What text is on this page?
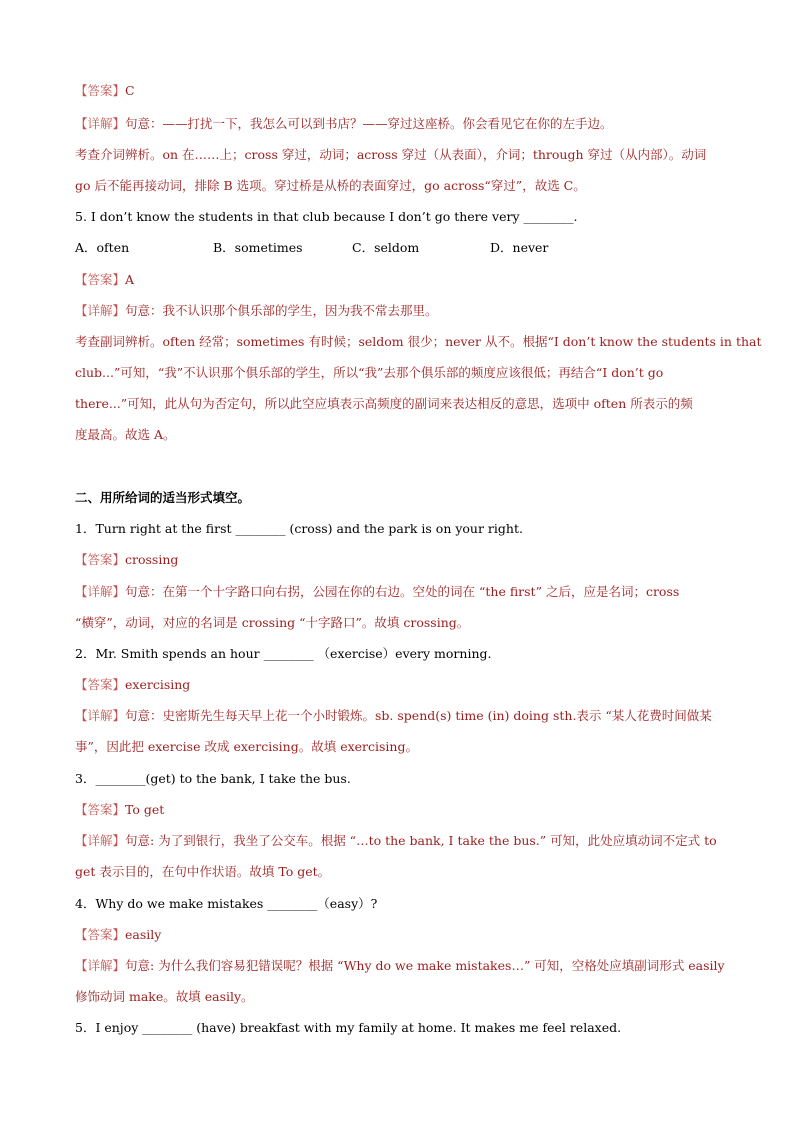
【答案】C
【详解】句意：——打扰一下，我怎么可以到书店？——穿过这座桥。你会看见它在你的左手边。
考查介词辨析。on 在……上；cross 穿过，动词；across 穿过（从表面），介词；through 穿过（从内部）。动词
go 后不能再接动词，排除 B 选项。穿过桥是从桥的表面穿过，go across“穿过”，故选 C。
5. I don’t know the students in that club because I don’t go there very ________.
A．often	B．sometimes	C．seldom	D．never
【答案】A
【详解】句意：我不认识那个俱乐部的学生，因为我不常去那里。
考查副词辨析。often 经常；sometimes 有时候；seldom 很少；never 从不。根据“I don’t know the students in that
club...”可知，“我”不认识那个俱乐部的学生，所以“我”去那个俱乐部的频度应该很低；再结合“I don’t go
there...”可知，此从句为否定句，所以此空应填表示高频度的副词来表达相反的意思，选项中 often 所表示的频
度最高。故选 A。
二、用所给词的适当形式填空。
1．Turn right at the first ________ (cross) and the park is on your right.
【答案】crossing
【详解】句意：在第一个十字路口向右拐，公园在你的右边。空处的词在 “the first” 之后，应是名词；cross
“横穿”，动词，对应的名词是 crossing “十字路口”。故填 crossing。
2．Mr. Smith spends an hour ________ （exercise）every morning.
【答案】exercising
【详解】句意：史密斯先生每天早上花一个小时锻炼。sb. spend(s) time (in) doing sth.表示 “某人花费时间做某
事”，因此把 exercise 改成 exercising。故填 exercising。
3．________(get) to the bank, I take the bus.
【答案】To get
【详解】句意: 为了到银行，我坐了公交车。根据 “…to the bank, I take the bus.” 可知，此处应填动词不定式 to
get 表示目的，在句中作状语。故填 To get。
4．Why do we make mistakes ________（easy）?
【答案】easily
【详解】句意: 为什么我们容易犯错误呢？根据 “Why do we make mistakes…” 可知，空格处应填副词形式 easily
修饰动词 make。故填 easily。
5．I enjoy ________ (have) breakfast with my family at home. It makes me feel relaxed.
